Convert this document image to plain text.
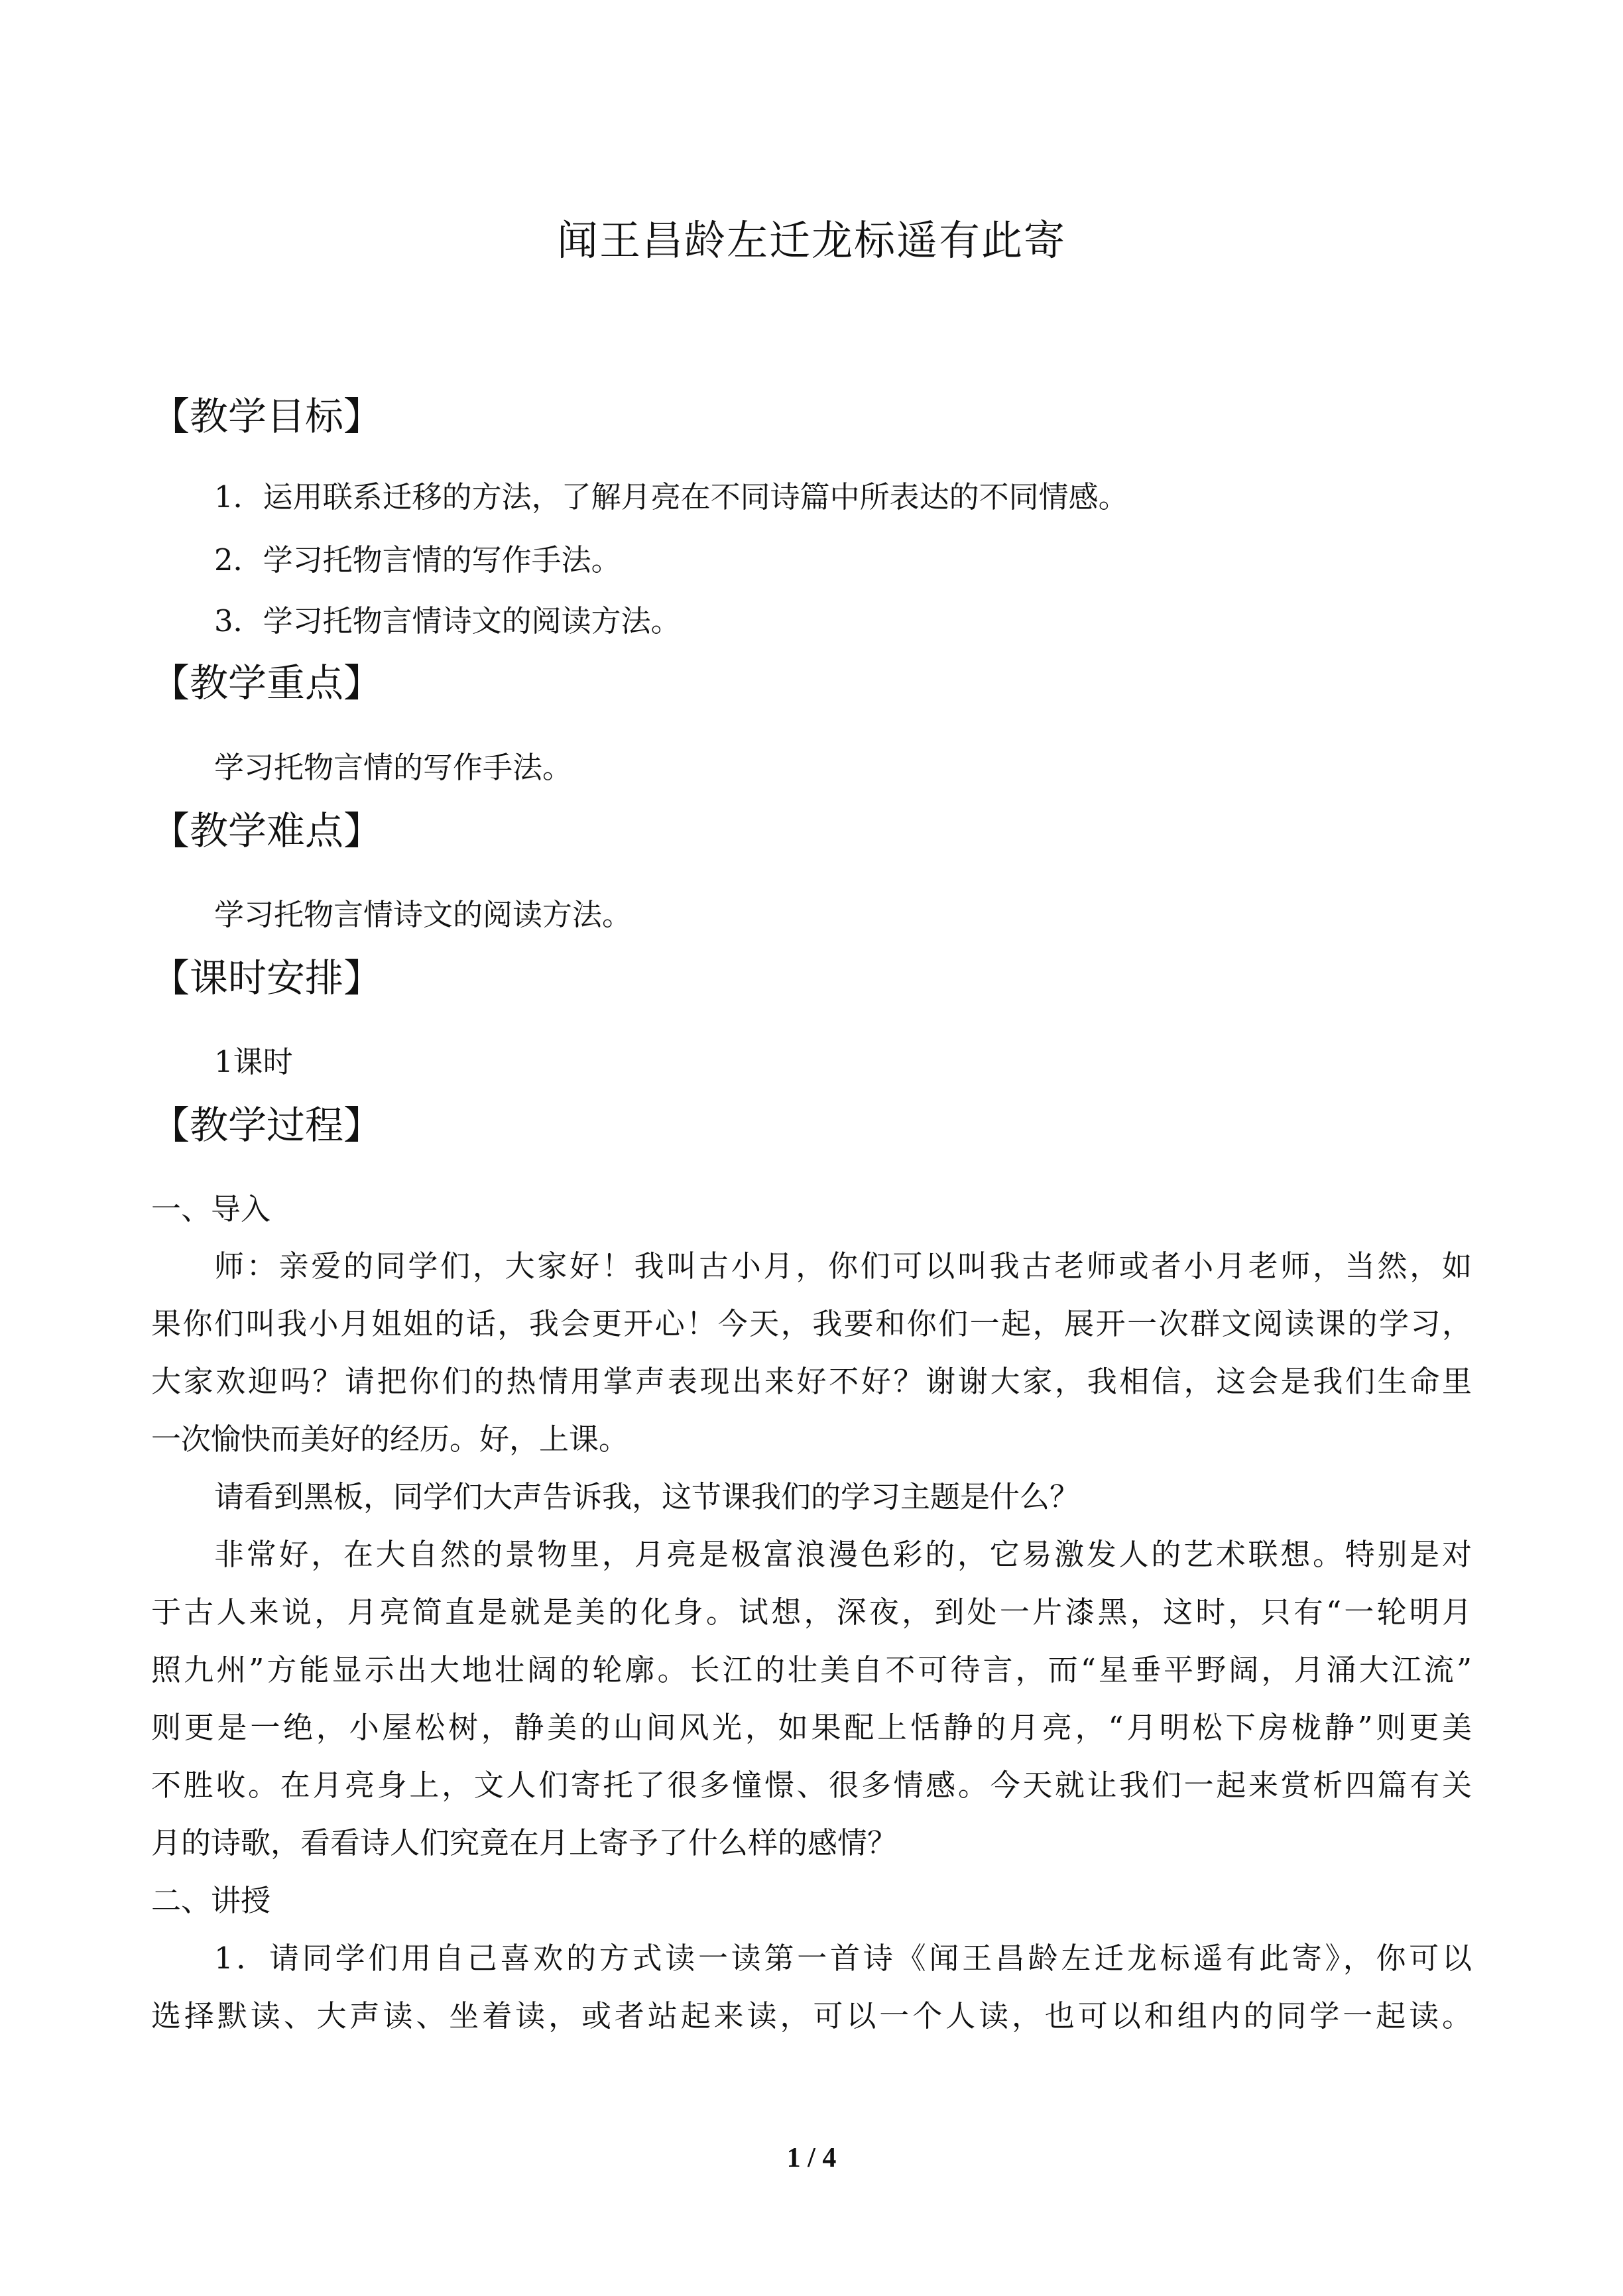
闻王昌龄左迁龙标遥有此寄
【教学目标】
1．运用联系迁移的方法，了解月亮在不同诗篇中所表达的不同情感。
2．学习托物言情的写作手法。
3．学习托物言情诗文的阅读方法。
【教学重点】
学习托物言情的写作手法。
【教学难点】
学习托物言情诗文的阅读方法。
【课时安排】
1课时
【教学过程】
一、导入
师：亲爱的同学们，大家好！我叫古小月，你们可以叫我古老师或者小月老师，当然，如
果你们叫我小月姐姐的话，我会更开心！今天，我要和你们一起，展开一次群文阅读课的学习，
大家欢迎吗？请把你们的热情用掌声表现出来好不好？谢谢大家，我相信，这会是我们生命里
一次愉快而美好的经历。好，上课。
请看到黑板，同学们大声告诉我，这节课我们的学习主题是什么？
非常好，在大自然的景物里，月亮是极富浪漫色彩的，它易激发人的艺术联想。特别是对
于古人来说，月亮简直是就是美的化身。试想，深夜，到处一片漆黑，这时，只有“一轮明月
照九州”方能显示出大地壮阔的轮廓。长江的壮美自不可待言，而“星垂平野阔，月涌大江流”
则更是一绝，小屋松树，静美的山间风光，如果配上恬静的月亮，“月明松下房栊静”则更美
不胜收。在月亮身上，文人们寄托了很多憧憬、很多情感。今天就让我们一起来赏析四篇有关
月的诗歌，看看诗人们究竟在月上寄予了什么样的感情？
二、讲授
1．请同学们用自己喜欢的方式读一读第一首诗《闻王昌龄左迁龙标遥有此寄》，你可以
选择默读、大声读、坐着读，或者站起来读，可以一个人读，也可以和组内的同学一起读。
1 / 4
